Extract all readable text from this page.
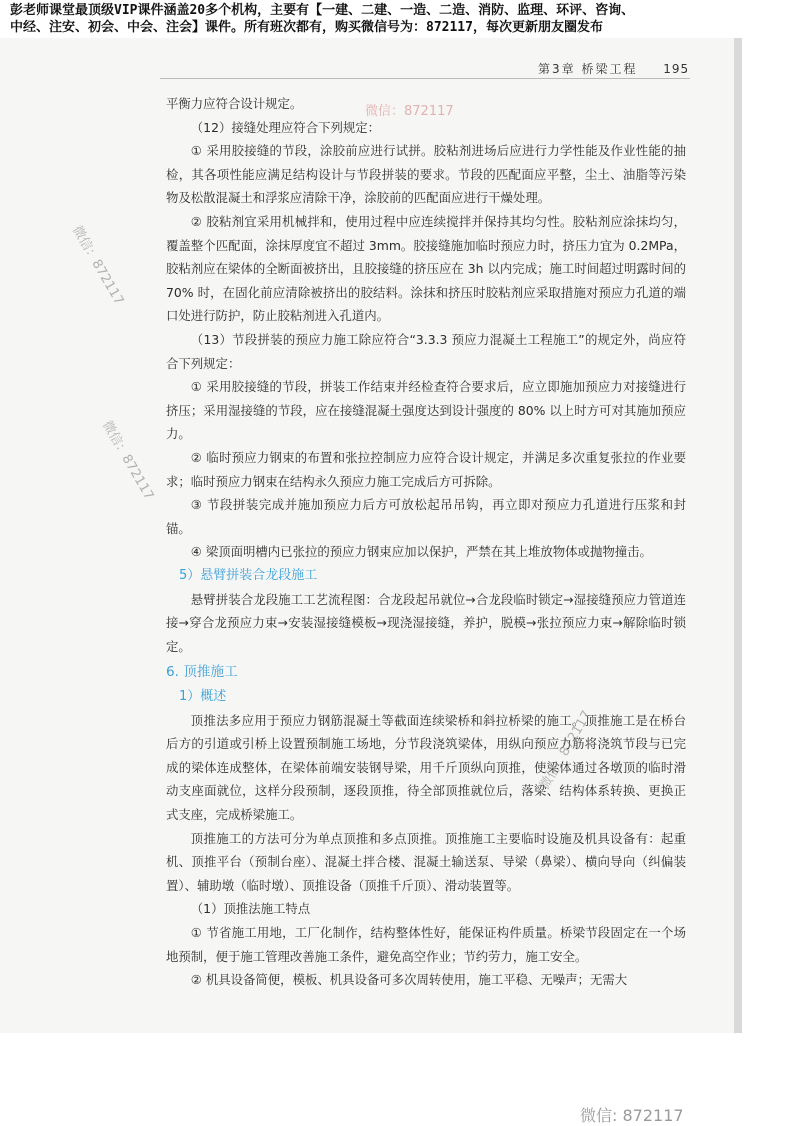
彭老师课堂最顶级VIP课件涵盖20多个机构，主要有【一建、二建、一造、二造、消防、监理、环评、咨询、
中经、注安、初会、中会、注会】课件。所有班次都有，购买微信号为：872117，每次更新朋友圈发布
第3章 桥梁工程 195

平衡力应符合设计规定。

（12）接缝处理应符合下列规定：

① 采用胶接缝的节段，涂胶前应进行试拼。胶粘剂进场后应进行力学性能及作业性能的抽检，其各项性能应满足结构设计与节段拼装的要求。节段的匹配面应平整，尘土、油脂等污染物及松散混凝土和浮浆应清除干净，涂胶前的匹配面应进行干燥处理。

② 胶粘剂宜采用机械拌和，使用过程中应连续搅拌并保持其均匀性。胶粘剂应涂抹均匀，覆盖整个匹配面，涂抹厚度宜不超过 3mm。胶接缝施加临时预应力时，挤压力宜为 0.2MPa，胶粘剂应在梁体的全断面被挤出，且胶接缝的挤压应在 3h 以内完成；施工时间超过明露时间的 70% 时，在固化前应清除被挤出的胶结料。涂抹和挤压时胶粘剂应采取措施对预应力孔道的端口处进行防护，防止胶粘剂进入孔道内。

（13）节段拼装的预应力施工除应符合“3.3.3 预应力混凝土工程施工”的规定外，尚应符合下列规定：

① 采用胶接缝的节段，拼装工作结束并经检查符合要求后，应立即施加预应力对接缝进行挤压；采用湿接缝的节段，应在接缝混凝土强度达到设计强度的 80% 以上时方可对其施加预应力。

② 临时预应力钢束的布置和张拉控制应力应符合设计规定，并满足多次重复张拉的作业要求；临时预应力钢束在结构永久预应力施工完成后方可拆除。

③ 节段拼装完成并施加预应力后方可放松起吊吊钩，再立即对预应力孔道进行压浆和封锚。

④ 梁顶面明槽内已张拉的预应力钢束应加以保护，严禁在其上堆放物体或抛物撞击。

5）悬臂拼装合龙段施工

悬臂拼装合龙段施工工艺流程图：合龙段起吊就位→合龙段临时锁定→湿接缝预应力管道连接→穿合龙预应力束→安装湿接缝模板→现浇湿接缝，养护，脱模→张拉预应力束→解除临时锁定。

6. 顶推施工

1）概述

顶推法多应用于预应力钢筋混凝土等截面连续梁桥和斜拉桥梁的施工。顶推施工是在桥台后方的引道或引桥上设置预制施工场地，分节段浇筑梁体，用纵向预应力筋将浇筑节段与已完成的梁体连成整体，在梁体前端安装钢导梁，用千斤顶纵向顶推，使梁体通过各墩顶的临时滑动支座面就位，这样分段预制，逐段顶推，待全部顶推就位后，落梁、结构体系转换、更换正式支座，完成桥梁施工。

顶推施工的方法可分为单点顶推和多点顶推。顶推施工主要临时设施及机具设备有：起重机、顶推平台（预制台座）、混凝土拌合楼、混凝土输送泵、导梁（鼻梁）、横向导向（纠偏装置）、辅助墩（临时墩）、顶推设备（顶推千斤顶）、滑动装置等。

（1）顶推法施工特点

① 节省施工用地，工厂化制作，结构整体性好，能保证构件质量。桥梁节段固定在一个场地预制，便于施工管理改善施工条件，避免高空作业；节约劳力，施工安全。

② 机具设备简便，模板、机具设备可多次周转使用，施工平稳、无噪声；无需大

微信：872117
微信：872117
微信：872117
微信：872117
微信: 872117
